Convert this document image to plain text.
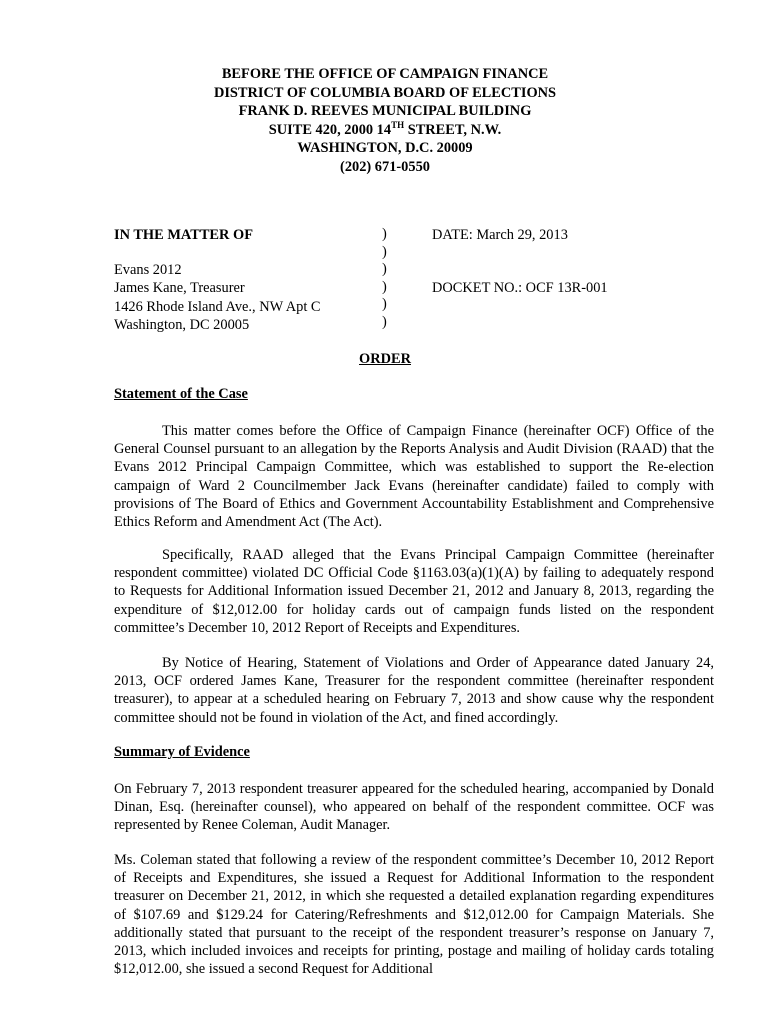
BEFORE THE OFFICE OF CAMPAIGN FINANCE
DISTRICT OF COLUMBIA BOARD OF ELECTIONS
FRANK D. REEVES MUNICIPAL BUILDING
SUITE 420, 2000 14TH STREET, N.W.
WASHINGTON, D.C. 20009
(202) 671-0550
IN THE MATTER OF
Evans 2012
James Kane, Treasurer
1426 Rhode Island Ave., NW Apt C
Washington, DC 20005
)
)
)
)
)
)
DATE: March 29, 2013
DOCKET NO.: OCF 13R-001
ORDER
Statement of the Case
This matter comes before the Office of Campaign Finance (hereinafter OCF) Office of the General Counsel pursuant to an allegation by the Reports Analysis and Audit Division (RAAD) that the Evans 2012 Principal Campaign Committee, which was established to support the Re-election campaign of Ward 2 Councilmember Jack Evans (hereinafter candidate) failed to comply with provisions of The Board of Ethics and Government Accountability Establishment and Comprehensive Ethics Reform and Amendment Act (The Act).
Specifically, RAAD alleged that the Evans Principal Campaign Committee (hereinafter respondent committee) violated DC Official Code §1163.03(a)(1)(A) by failing to adequately respond to Requests for Additional Information issued December 21, 2012 and January 8, 2013, regarding the expenditure of $12,012.00 for holiday cards out of campaign funds listed on the respondent committee’s December 10, 2012 Report of Receipts and Expenditures.
By Notice of Hearing, Statement of Violations and Order of Appearance dated January 24, 2013, OCF ordered James Kane, Treasurer for the respondent committee (hereinafter respondent treasurer), to appear at a scheduled hearing on February 7, 2013 and show cause why the respondent committee should not be found in violation of the Act, and fined accordingly.
Summary of Evidence
On February 7, 2013 respondent treasurer appeared for the scheduled hearing, accompanied by Donald Dinan, Esq. (hereinafter counsel), who appeared on behalf of the respondent committee. OCF was represented by Renee Coleman, Audit Manager.
Ms. Coleman stated that following a review of the respondent committee’s December 10, 2012 Report of Receipts and Expenditures, she issued a Request for Additional Information to the respondent treasurer on December 21, 2012, in which she requested a detailed explanation regarding expenditures of $107.69 and $129.24 for Catering/Refreshments and $12,012.00 for Campaign Materials. She additionally stated that pursuant to the receipt of the respondent treasurer’s response on January 7, 2013, which included invoices and receipts for printing, postage and mailing of holiday cards totaling $12,012.00, she issued a second Request for Additional
